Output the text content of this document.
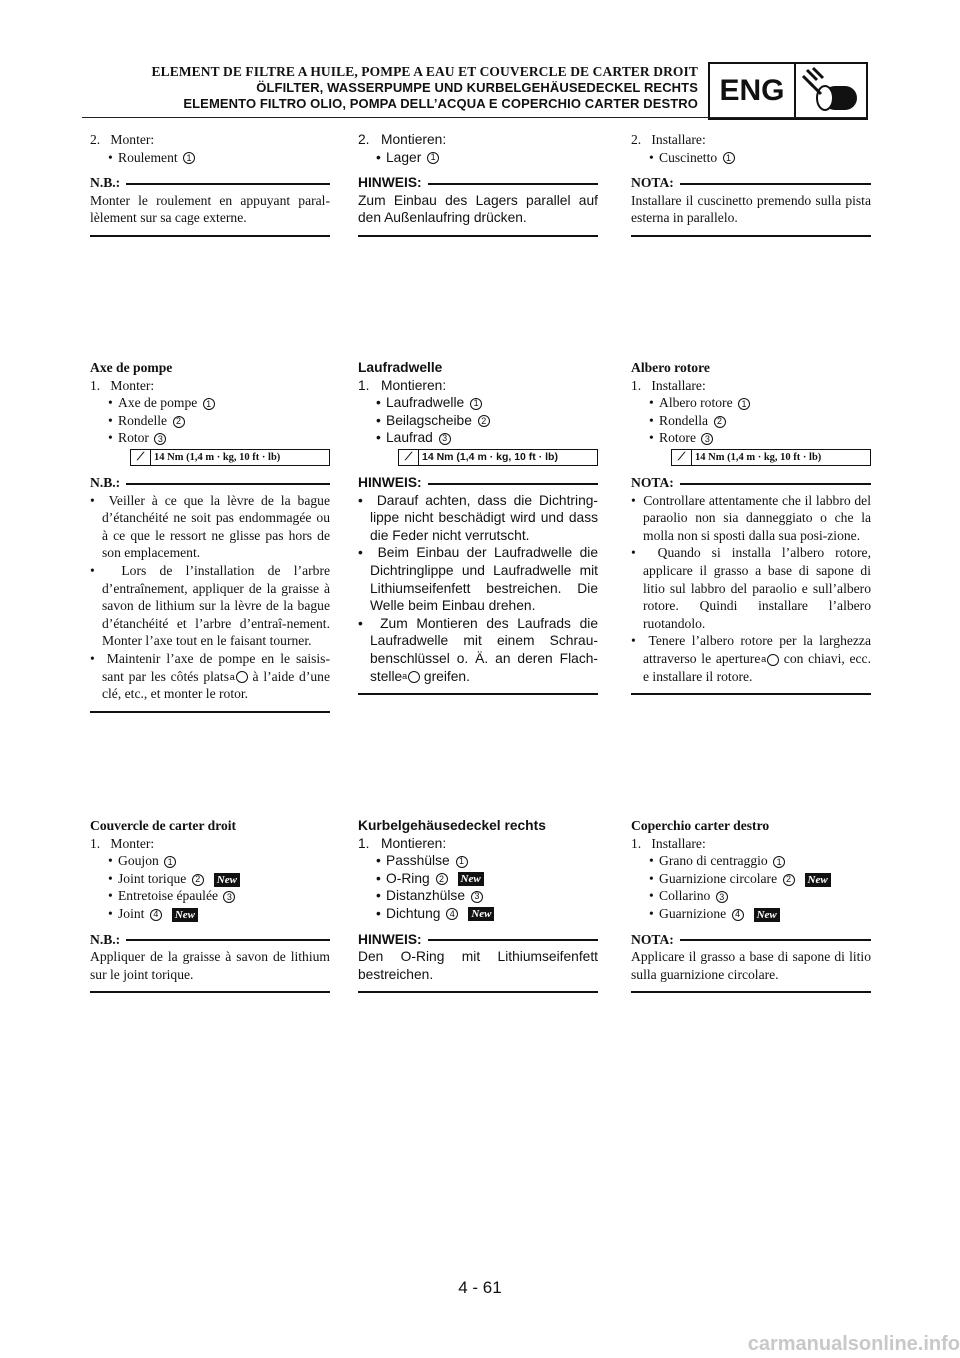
ELEMENT DE FILTRE A HUILE, POMPE A EAU ET COUVERCLE DE CARTER DROIT
ÖLFILTER, WASSERPUMPE UND KURBELGEHÄUSEDECKEL RECHTS
ELEMENTO FILTRO OLIO, POMPA DELL’ACQUA E COPERCHIO CARTER DESTRO ENG
2.   Monter:
• Roulement 1
N.B.:
Monter le roulement en appuyant paral-lèlement sur sa cage externe.
Axe de pompe
1.   Monter:
• Axe de pompe 1
• Rondelle 2
• Rotor 3
⟋ 14 Nm (1,4 m · kg, 10 ft · lb)
N.B.:
•  Veiller à ce que la lèvre de la bague d’étanchéité ne soit pas endommagée ou à ce que le ressort ne glisse pas hors de son emplacement.
•  Lors de l’installation de l’arbre d’entraînement, appliquer de la graisse à savon de lithium sur la lèvre de la bague d’étanchéité et l’arbre d’entraî-nement. Monter l’axe tout en le faisant tourner.
•  Maintenir l’axe de pompe en le saisis-sant par les côtés plats a à l’aide d’une clé, etc., et monter le rotor.
Couvercle de carter droit
1.   Monter:
• Goujon 1
• Joint torique 2 New
• Entretoise épaulée 3
• Joint 4 New
N.B.:
Appliquer de la graisse à savon de lithium sur le joint torique.
2.   Montieren:
• Lager 1
HINWEIS:
Zum Einbau des Lagers parallel auf den Außenlaufring drücken.
Laufradwelle
1.   Montieren:
• Laufradwelle 1
• Beilagscheibe 2
• Laufrad 3
⟋ 14 Nm (1,4 m · kg, 10 ft · lb)
HINWEIS:
•  Darauf achten, dass die Dichtring-lippe nicht beschädigt wird und dass die Feder nicht verrutscht.
•  Beim Einbau der Laufradwelle die Dichtringlippe und Laufradwelle mit Lithiumseifenfett bestreichen. Die Welle beim Einbau drehen.
•  Zum Montieren des Laufrads die Laufradwelle mit einem Schrau-benschlüssel o. Ä. an deren Flach-stelle a greifen.
Kurbelgehäusedeckel rechts
1.   Montieren:
• Passhülse 1
• O-Ring 2 New
• Distanzhülse 3
• Dichtung 4 New
HINWEIS:
Den O-Ring mit Lithiumseifenfett bestreichen.
2.   Installare:
• Cuscinetto 1
NOTA:
Installare il cuscinetto premendo sulla pista esterna in parallelo.
Albero rotore
1.   Installare:
• Albero rotore 1
• Rondella 2
• Rotore 3
⟋ 14 Nm (1,4 m · kg, 10 ft · lb)
NOTA:
•  Controllare attentamente che il labbro del paraolio non sia danneggiato o che la molla non si sposti dalla sua posi-zione.
•  Quando si installa l’albero rotore, applicare il grasso a base di sapone di litio sul labbro del paraolio e sull’albero rotore. Quindi installare l’albero ruotandolo.
•  Tenere l’albero rotore per la larghezza attraverso le aperture a con chiavi, ecc. e installare il rotore.
Coperchio carter destro
1.   Installare:
• Grano di centraggio 1
• Guarnizione circolare 2 New
• Collarino 3
• Guarnizione 4 New
NOTA:
Applicare il grasso a base di sapone di litio sulla guarnizione circolare.
4 - 61
carmanualsonline.info
